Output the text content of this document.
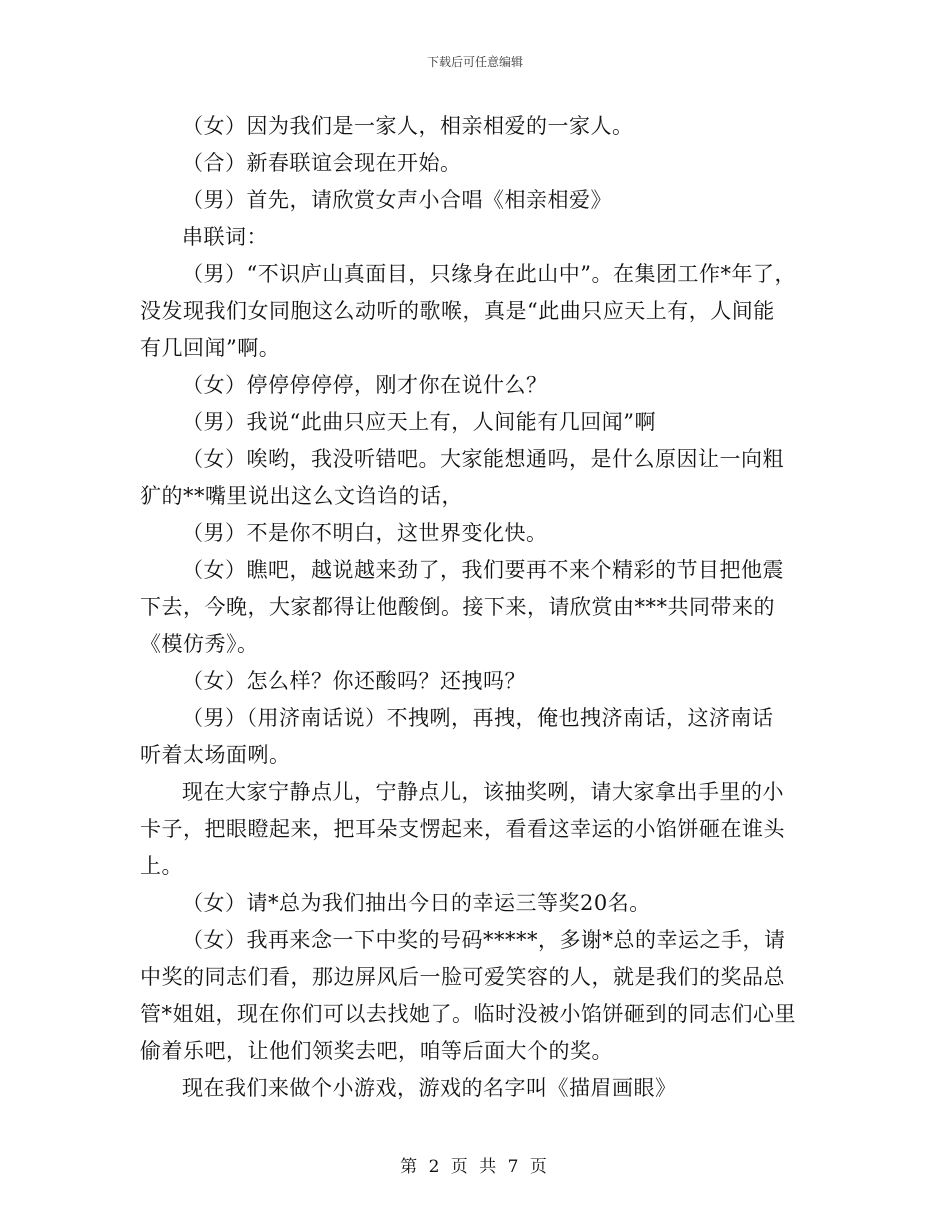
下载后可任意编辑

（女）因为我们是一家人，相亲相爱的一家人。

（合）新春联谊会现在开始。

（男）首先，请欣赏女声小合唱《相亲相爱》

串联词：

（男）“不识庐山真面目，只缘身在此山中”。在集团工作*年了，
没发现我们女同胞这么动听的歌喉，真是“此曲只应天上有，人间能
有几回闻”啊。

（女）停停停停停，刚才你在说什么？

（男）我说“此曲只应天上有，人间能有几回闻”啊

（女）唉哟，我没听错吧。大家能想通吗，是什么原因让一向粗
犷的**嘴里说出这么文诌诌的话，

（男）不是你不明白，这世界变化快。

（女）瞧吧，越说越来劲了，我们要再不来个精彩的节目把他震
下去，今晚，大家都得让他酸倒。接下来，请欣赏由***共同带来的
《模仿秀》。

（女）怎么样？你还酸吗？还拽吗？

（男）（用济南话说）不拽咧，再拽，俺也拽济南话，这济南话
听着太场面咧。

现在大家宁静点儿，宁静点儿，该抽奖咧，请大家拿出手里的小
卡子，把眼瞪起来，把耳朵支愣起来，看看这幸运的小馅饼砸在谁头
上。

（女）请*总为我们抽出今日的幸运三等奖20名。

（女）我再来念一下中奖的号码*****，多谢*总的幸运之手，请
中奖的同志们看，那边屏风后一脸可爱笑容的人，就是我们的奖品总
管*姐姐，现在你们可以去找她了。临时没被小馅饼砸到的同志们心里
偷着乐吧，让他们领奖去吧，咱等后面大个的奖。

现在我们来做个小游戏，游戏的名字叫《描眉画眼》

第 2 页 共 7 页
